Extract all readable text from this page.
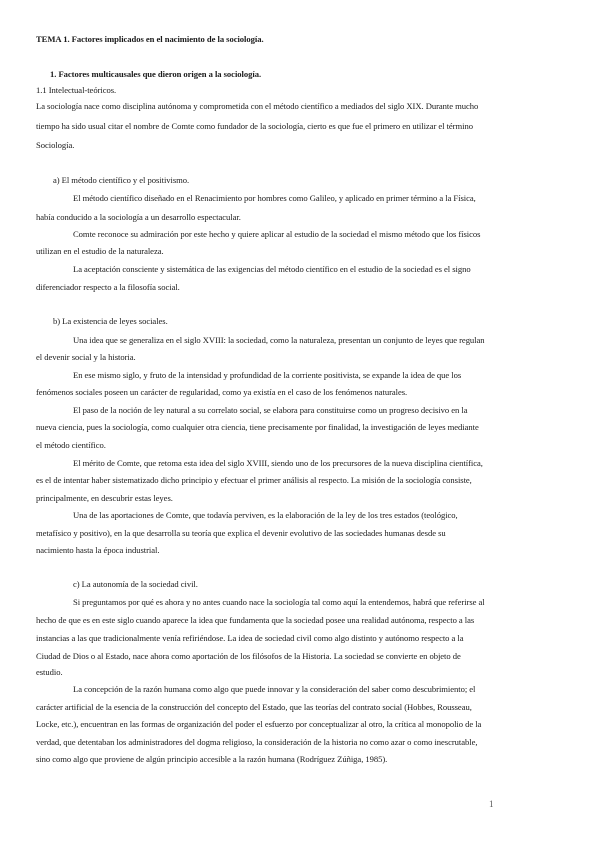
TEMA 1. Factores implicados en el nacimiento de la sociología.
1. Factores multicausales que dieron origen a la sociología.
1.1 Intelectual-teóricos.
La sociología nace como disciplina autónoma y comprometida con el método científico a mediados del siglo XIX. Durante mucho
tiempo ha sido usual citar el nombre de Comte como fundador de la sociología, cierto es que fue el primero en utilizar el término
Sociología.
a) El método científico y el positivismo.
El método científico diseñado en el Renacimiento por hombres como Galileo, y aplicado en primer término a la Física,
había conducido a la sociología a un desarrollo espectacular.
Comte reconoce su admiración por este hecho y quiere aplicar al estudio de la sociedad el mismo método que los físicos
utilizan en el estudio de la naturaleza.
La aceptación consciente y sistemática de las exigencias del método científico en el estudio de la sociedad es el signo
diferenciador respecto a la filosofía social.
b) La existencia de leyes sociales.
Una idea que se generaliza en el siglo XVIII: la sociedad, como la naturaleza, presentan un conjunto de leyes que regulan
el devenir social y la historia.
En ese mismo siglo, y fruto de la intensidad y profundidad de la corriente positivista, se expande la idea de que los
fenómenos sociales poseen un carácter de regularidad, como ya existía en el caso de los fenómenos naturales.
El paso de la noción de ley natural a su correlato social, se elabora para constituirse como un progreso decisivo en la
nueva ciencia, pues la sociología, como cualquier otra ciencia, tiene precisamente por finalidad, la investigación de leyes mediante
el método científico.
El mérito de Comte, que retoma esta idea del siglo XVIII, siendo uno de los precursores de la nueva disciplina científica,
es el de intentar haber sistematizado dicho principio y efectuar el primer análisis al respecto. La misión de la sociología consiste,
principalmente, en descubrir estas leyes.
Una de las aportaciones de Comte, que todavía perviven, es la elaboración de la ley de los tres estados (teológico,
metafísico y positivo), en la que desarrolla su teoría que explica el devenir evolutivo de las sociedades humanas desde su
nacimiento hasta la época industrial.
c) La autonomía de la sociedad civil.
Si preguntamos por qué es ahora y no antes cuando nace la sociología tal como aquí la entendemos, habrá que referirse al
hecho de que es en este siglo cuando aparece la idea que fundamenta que la sociedad posee una realidad autónoma, respecto a las
instancias a las que tradicionalmente venía refiriéndose. La idea de sociedad civil como algo distinto y autónomo respecto a la
Ciudad de Dios o al Estado, nace ahora como aportación de los filósofos de la Historia. La sociedad se convierte en objeto de
estudio.
La concepción de la razón humana como algo que puede innovar y la consideración del saber como descubrimiento; el
carácter artificial de la esencia de la construcción del concepto del Estado, que las teorías del contrato social (Hobbes, Rousseau,
Locke, etc.), encuentran en las formas de organización del poder el esfuerzo por conceptualizar al otro, la crítica al monopolio de la
verdad, que detentaban los administradores del dogma religioso, la consideración de la historia no como azar o como inescrutable,
sino como algo que proviene de algún principio accesible a la razón humana (Rodríguez Zúñiga, 1985).
1
